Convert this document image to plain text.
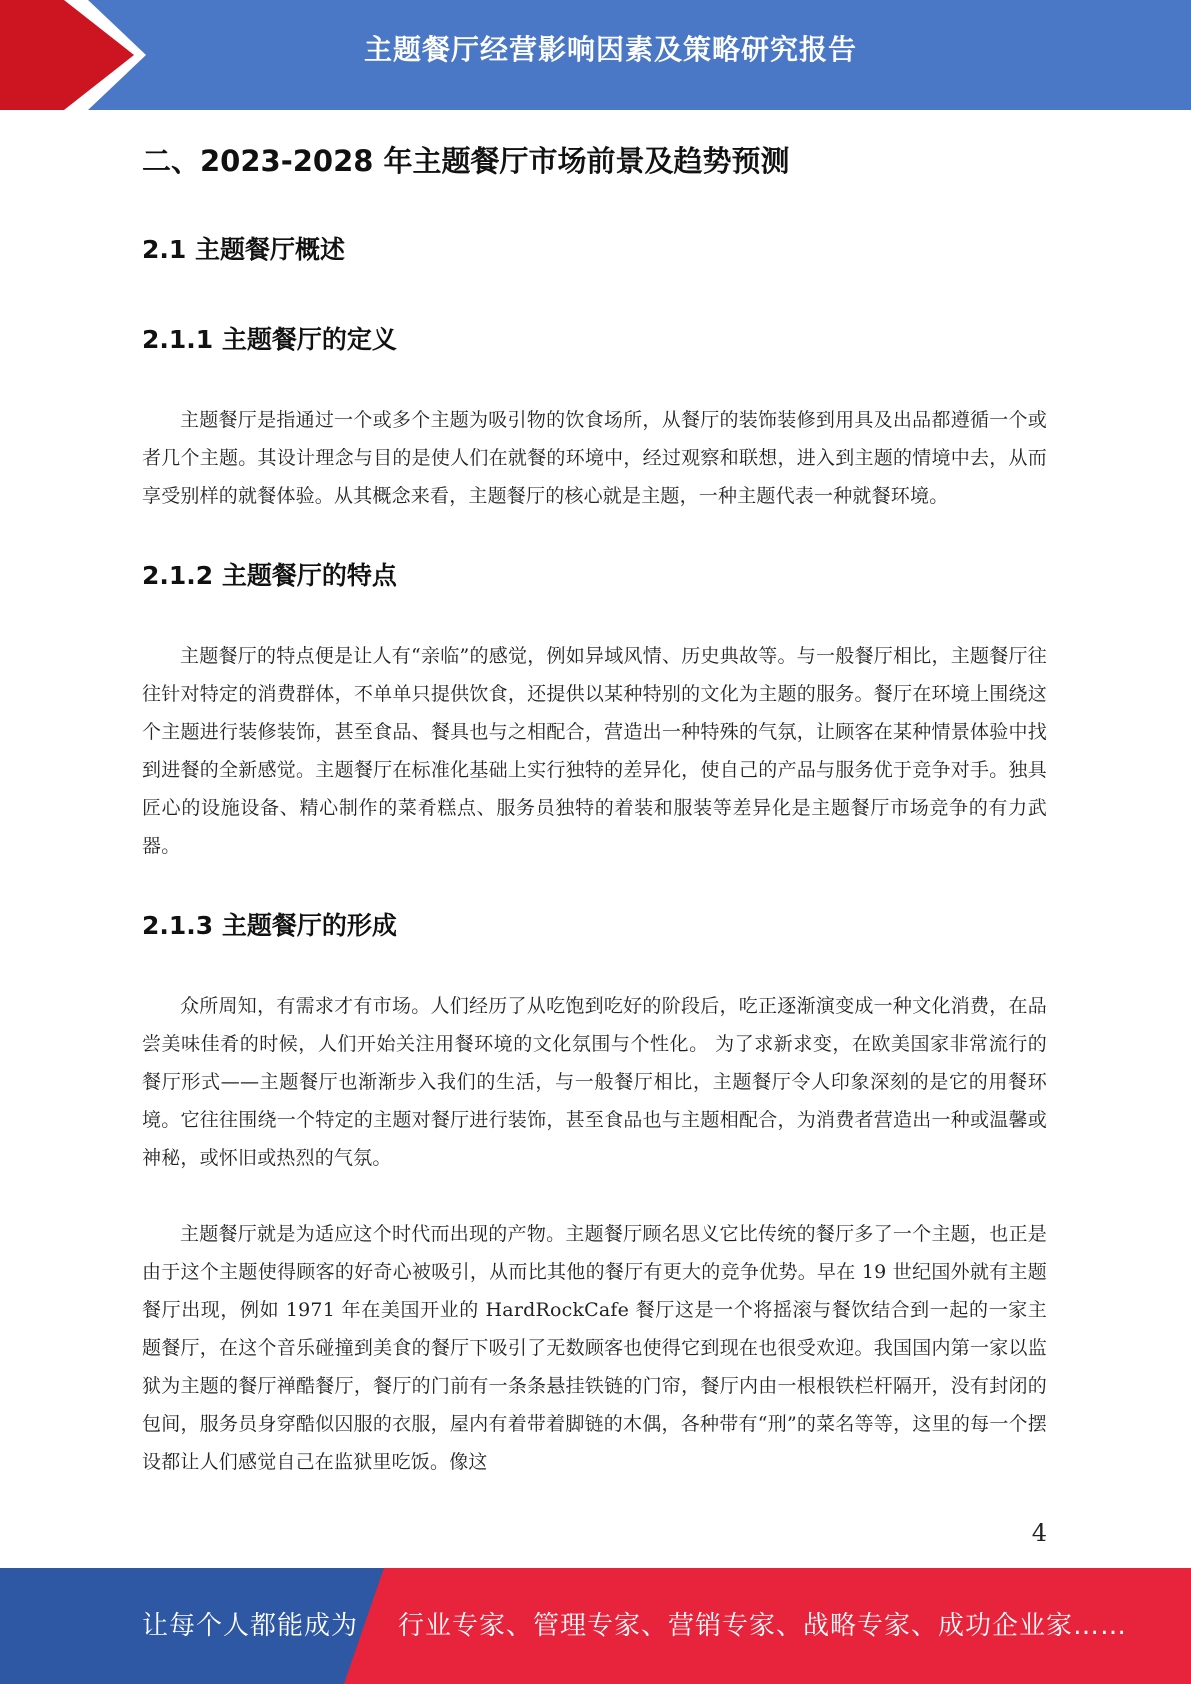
主题餐厅经营影响因素及策略研究报告
二、2023-2028 年主题餐厅市场前景及趋势预测
2.1 主题餐厅概述
2.1.1 主题餐厅的定义

主题餐厅是指通过一个或多个主题为吸引物的饮食场所，从餐厅的装饰装修到用具及出品都遵循一个或者几个主题。其设计理念与目的是使人们在就餐的环境中，经过观察和联想，进入到主题的情境中去，从而享受别样的就餐体验。从其概念来看，主题餐厅的核心就是主题，一种主题代表一种就餐环境。

2.1.2 主题餐厅的特点

主题餐厅的特点便是让人有“亲临”的感觉，例如异域风情、历史典故等。与一般餐厅相比，主题餐厅往往针对特定的消费群体，不单单只提供饮食，还提供以某种特别的文化为主题的服务。餐厅在环境上围绕这个主题进行装修装饰，甚至食品、餐具也与之相配合，营造出一种特殊的气氛，让顾客在某种情景体验中找到进餐的全新感觉。主题餐厅在标准化基础上实行独特的差异化，使自己的产品与服务优于竞争对手。独具匠心的设施设备、精心制作的菜肴糕点、服务员独特的着装和服装等差异化是主题餐厅市场竞争的有力武器。

2.1.3 主题餐厅的形成

众所周知，有需求才有市场。人们经历了从吃饱到吃好的阶段后，吃正逐渐演变成一种文化消费，在品尝美味佳肴的时候，人们开始关注用餐环境的文化氛围与个性化。 为了求新求变，在欧美国家非常流行的餐厅形式——主题餐厅也渐渐步入我们的生活，与一般餐厅相比，主题餐厅令人印象深刻的是它的用餐环境。它往往围绕一个特定的主题对餐厅进行装饰，甚至食品也与主题相配合，为消费者营造出一种或温馨或神秘，或怀旧或热烈的气氛。

主题餐厅就是为适应这个时代而出现的产物。主题餐厅顾名思义它比传统的餐厅多了一个主题，也正是由于这个主题使得顾客的好奇心被吸引，从而比其他的餐厅有更大的竞争优势。早在 19 世纪国外就有主题餐厅出现，例如 1971 年在美国开业的 HardRockCafe 餐厅这是一个将摇滚与餐饮结合到一起的一家主题餐厅，在这个音乐碰撞到美食的餐厅下吸引了无数顾客也使得它到现在也很受欢迎。我国国内第一家以监狱为主题的餐厅禅酷餐厅，餐厅的门前有一条条悬挂铁链的门帘，餐厅内由一根根铁栏杆隔开，没有封闭的包间，服务员身穿酷似囚服的衣服，屋内有着带着脚链的木偶，各种带有“刑”的菜名等等，这里的每一个摆设都让人们感觉自己在监狱里吃饭。像这

4
让每个人都能成为 行业专家、管理专家、营销专家、战略专家、成功企业家……
